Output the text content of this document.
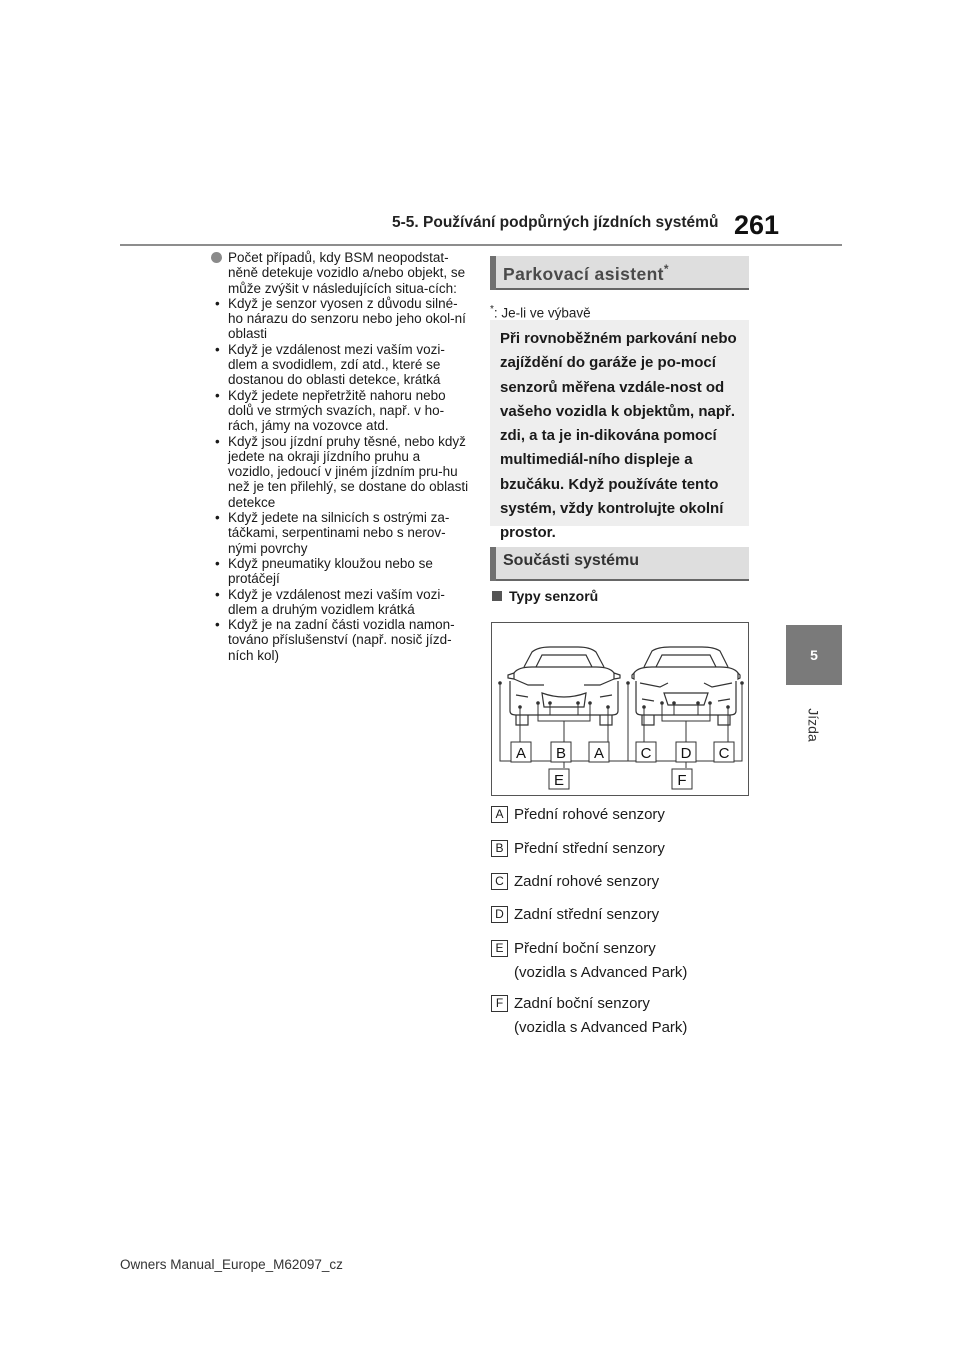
5-5. Používání podpůrných jízdních systémů 261
5
Jízda
Počet případů, kdy BSM neopodstat-něně detekuje vozidlo a/nebo objekt, se může zvýšit v následujících situa-cích:
• Když je senzor vyosen z důvodu silné-ho nárazu do senzoru nebo jeho okol-ní oblasti
• Když je vzdálenost mezi vaším vozi-dlem a svodidlem, zdí atd., které se dostanou do oblasti detekce, krátká
• Když jedete nepřetržitě nahoru nebo dolů ve strmých svazích, např. v ho-rách, jámy na vozovce atd.
• Když jsou jízdní pruhy těsné, nebo když jedete na okraji jízdního pruhu a vozidlo, jedoucí v jiném jízdním pru-hu než je ten přilehlý, se dostane do oblasti detekce
• Když jedete na silnicích s ostrými za-táčkami, serpentinami nebo s nerov-nými povrchy
• Když pneumatiky kloužou nebo se protáčejí
• Když je vzdálenost mezi vaším vozi-dlem a druhým vozidlem krátká
• Když je na zadní části vozidla namon-továno příslušenství (např. nosič jízd-ních kol)
Parkovací asistent*
*: Je-li ve výbavě
Při rovnoběžném parkování nebo zajíždění do garáže je po-mocí senzorů měřena vzdále-nost od vašeho vozidla k objektům, např. zdi, a ta je in-dikována pomocí multimediál-ního displeje a bzučáku. Když používáte tento systém, vždy kontrolujte okolní prostor.
Součásti systému
Typy senzorů
A B A C D C
E	F
A Přední rohové senzory
B Přední střední senzory
C Zadní rohové senzory
D Zadní střední senzory
E Přední boční senzory
(vozidla s Advanced Park)
F Zadní boční senzory
(vozidla s Advanced Park)
Owners Manual_Europe_M62097_cz
